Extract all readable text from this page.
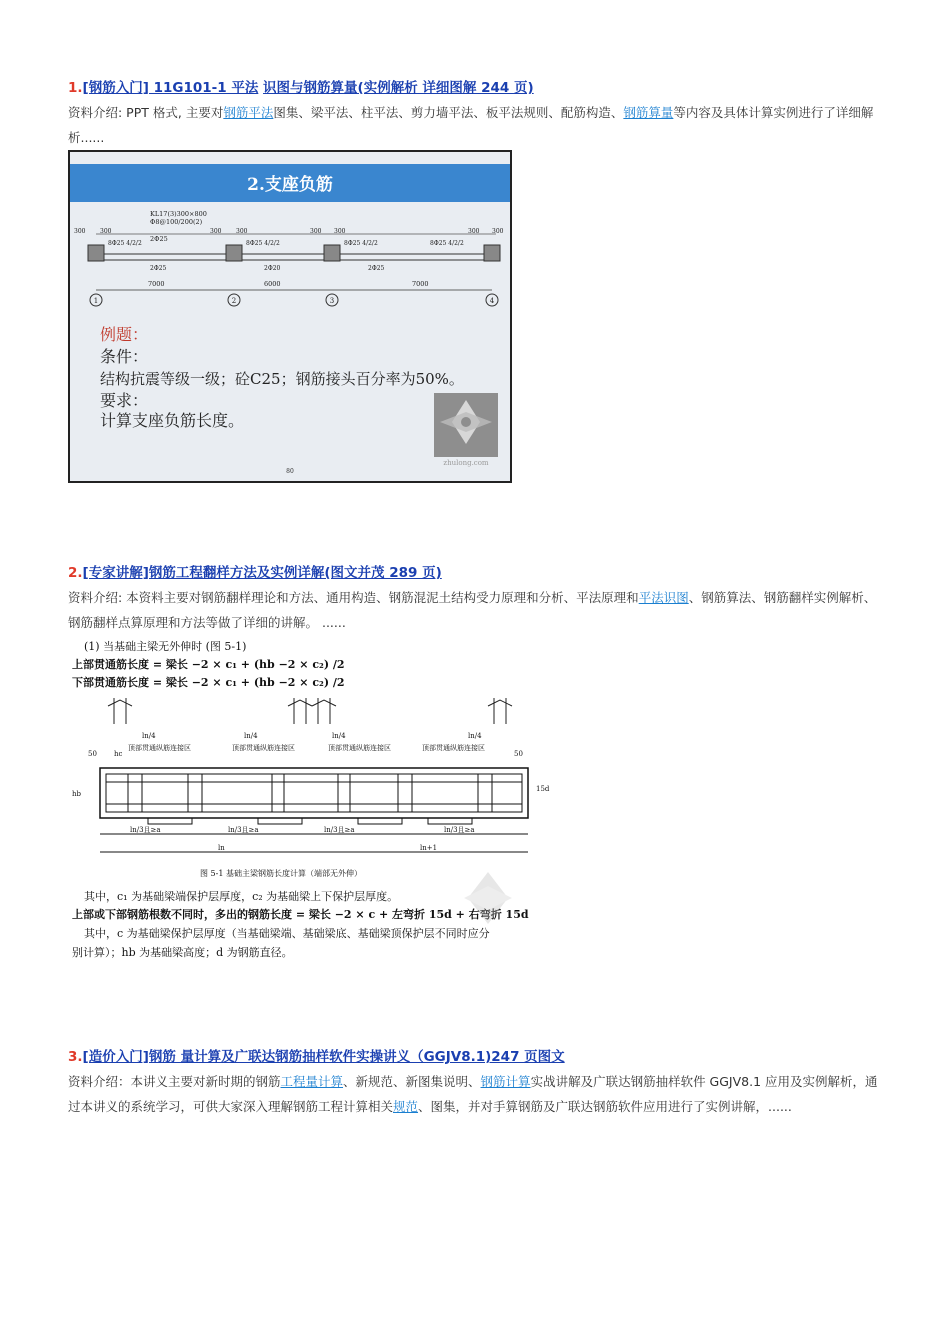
1.[钢筋入门] 11G101-1 平法 识图与钢筋算量(实例解析 详细图解 244 页)
资料介绍: PPT 格式, 主要对钢筋平法图集、梁平法、柱平法、剪力墙平法、板平法规则、配筋构造、钢筋算量等内容及具体计算实例进行了详细解析......
2.支座负筋
KL17(3)300×800
Φ8@100/200(2)
2Φ25
300 300	300 300	300 300	300 300
8Φ25 4/2/2	8Φ25 4/2/2	8Φ25 4/2/2	8Φ25 4/2/2
2Φ25	2Φ20	2Φ25
7000	6000	7000
1	2	3	4
例题：
条件：
结构抗震等级一级；砼C25；钢筋接头百分率为50%。
要求：
计算支座负筋长度。
zhulong.com
80
2.[专家讲解]钢筋工程翻样方法及实例详解(图文并茂 289 页)
资料介绍: 本资料主要对钢筋翻样理论和方法、通用构造、钢筋混泥土结构受力原理和分析、平法原理和平法识图、钢筋算法、钢筋翻样实例解析、钢筋翻样点算原理和方法等做了详细的讲解。 ......
(1) 当基础主梁无外伸时 (图 5-1)
上部贯通筋长度 = 梁长 −2 × c₁ + (hb −2 × c₂) /2
下部贯通筋长度 = 梁长 −2 × c₁ + (hb −2 × c₂) /2
ln/4	ln/4	ln/4	ln/4
顶部贯通纵筋连接区	顶部贯通纵筋连接区	顶部贯通纵筋连接区	顶部贯通纵筋连接区
50	50
hc
hb
15d
ln/3且≥a	ln/3且≥a	ln/3且≥a	ln/3且≥a
ln	ln+1
图 5-1 基础主梁钢筋长度计算（端部无外伸）
其中，c₁ 为基础梁端保护层厚度，c₂ 为基础梁上下保护层厚度。
上部或下部钢筋根数不同时，多出的钢筋长度 = 梁长 −2 × c + 左弯折 15d + 右弯折 15d
其中，c 为基础梁保护层厚度（当基础梁端、基础梁底、基础梁顶保护层不同时应分
别计算）；hb 为基础梁高度；d 为钢筋直径。
3.[造价入门]钢筋 量计算及广联达钢筋抽样软件实操讲义（GGJV8.1)247 页图文
资料介绍：本讲义主要对新时期的钢筋工程量计算、新规范、新图集说明、钢筋计算实战讲解及广联达钢筋抽样软件 GGJV8.1 应用及实例解析，通过本讲义的系统学习，可供大家深入理解钢筋工程计算相关规范、图集，并对手算钢筋及广联达钢筋软件应用进行了实例讲解，......
